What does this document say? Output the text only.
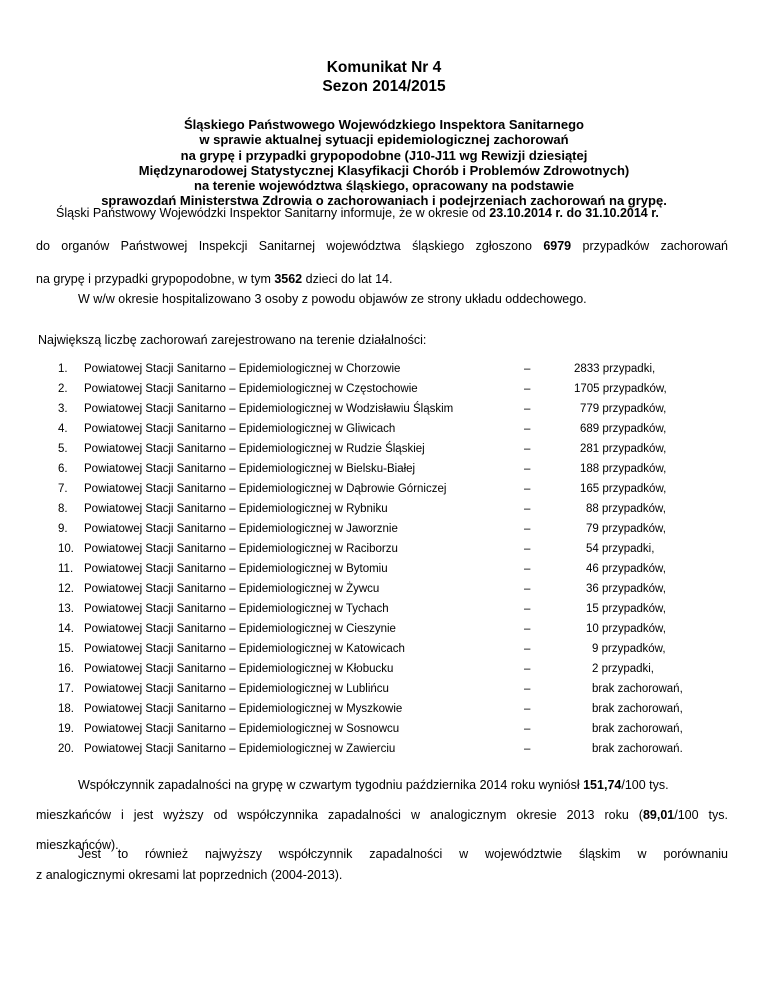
Komunikat Nr 4
Sezon 2014/2015
Śląskiego Państwowego Wojewódzkiego Inspektora Sanitarnego
w sprawie aktualnej sytuacji epidemiologicznej zachorowań
na grypę i przypadki grypopodobne (J10-J11 wg Rewizji dziesiątej
Międzynarodowej Statystycznej Klasyfikacji Chorób i Problemów Zdrowotnych)
na terenie województwa śląskiego, opracowany na podstawie
sprawozdań Ministerstwa Zdrowia o zachorowaniach i podejrzeniach zachorowań na grypę.
Śląski Państwowy Wojewódzki Inspektor Sanitarny informuje, że w okresie od 23.10.2014 r. do 31.10.2014 r.
do organów Państwowej Inspekcji Sanitarnej województwa śląskiego zgłoszono 6979 przypadków zachorowań
na grypę i przypadki grypopodobne, w tym 3562 dzieci do lat 14.
W w/w okresie hospitalizowano 3 osoby z powodu objawów ze strony układu oddechowego.
Największą liczbę zachorowań zarejestrowano na terenie działalności:
1. Powiatowej Stacji Sanitarno – Epidemiologicznej w Chorzowie	–	2833 przypadki,
2. Powiatowej Stacji Sanitarno – Epidemiologicznej w Częstochowie	–	1705 przypadków,
3. Powiatowej Stacji Sanitarno – Epidemiologicznej w Wodzisławiu Śląskim	–	779 przypadków,
4. Powiatowej Stacji Sanitarno – Epidemiologicznej w Gliwicach	–	689 przypadków,
5. Powiatowej Stacji Sanitarno – Epidemiologicznej w Rudzie Śląskiej	–	281 przypadków,
6. Powiatowej Stacji Sanitarno – Epidemiologicznej w Bielsku-Białej	–	188 przypadków,
7. Powiatowej Stacji Sanitarno – Epidemiologicznej w Dąbrowie Górniczej	–	165 przypadków,
8. Powiatowej Stacji Sanitarno – Epidemiologicznej w Rybniku	–	88 przypadków,
9. Powiatowej Stacji Sanitarno – Epidemiologicznej w Jaworznie	–	79 przypadków,
10. Powiatowej Stacji Sanitarno – Epidemiologicznej w Raciborzu	–	54 przypadki,
11. Powiatowej Stacji Sanitarno – Epidemiologicznej w Bytomiu	–	46 przypadków,
12. Powiatowej Stacji Sanitarno – Epidemiologicznej w Żywcu	–	36 przypadków,
13. Powiatowej Stacji Sanitarno – Epidemiologicznej w Tychach	–	15 przypadków,
14. Powiatowej Stacji Sanitarno – Epidemiologicznej w Cieszynie	–	10 przypadków,
15. Powiatowej Stacji Sanitarno – Epidemiologicznej w Katowicach	–	9 przypadków,
16. Powiatowej Stacji Sanitarno – Epidemiologicznej w Kłobucku	–	2 przypadki,
17. Powiatowej Stacji Sanitarno – Epidemiologicznej w Lublińcu	–	brak zachorowań,
18. Powiatowej Stacji Sanitarno – Epidemiologicznej w Myszkowie	–	brak zachorowań,
19. Powiatowej Stacji Sanitarno – Epidemiologicznej w Sosnowcu	–	brak zachorowań,
20. Powiatowej Stacji Sanitarno – Epidemiologicznej w Zawierciu	–	brak zachorowań.
Współczynnik zapadalności na grypę w czwartym tygodniu października 2014 roku wyniósł 151,74/100 tys.
mieszkańców i jest wyższy od współczynnika zapadalności w analogicznym okresie 2013 roku (89,01/100 tys.
mieszkańców).
Jest to również najwyższy współczynnik zapadalności w województwie śląskim w porównaniu
z analogicznymi okresami lat poprzednich (2004-2013).
